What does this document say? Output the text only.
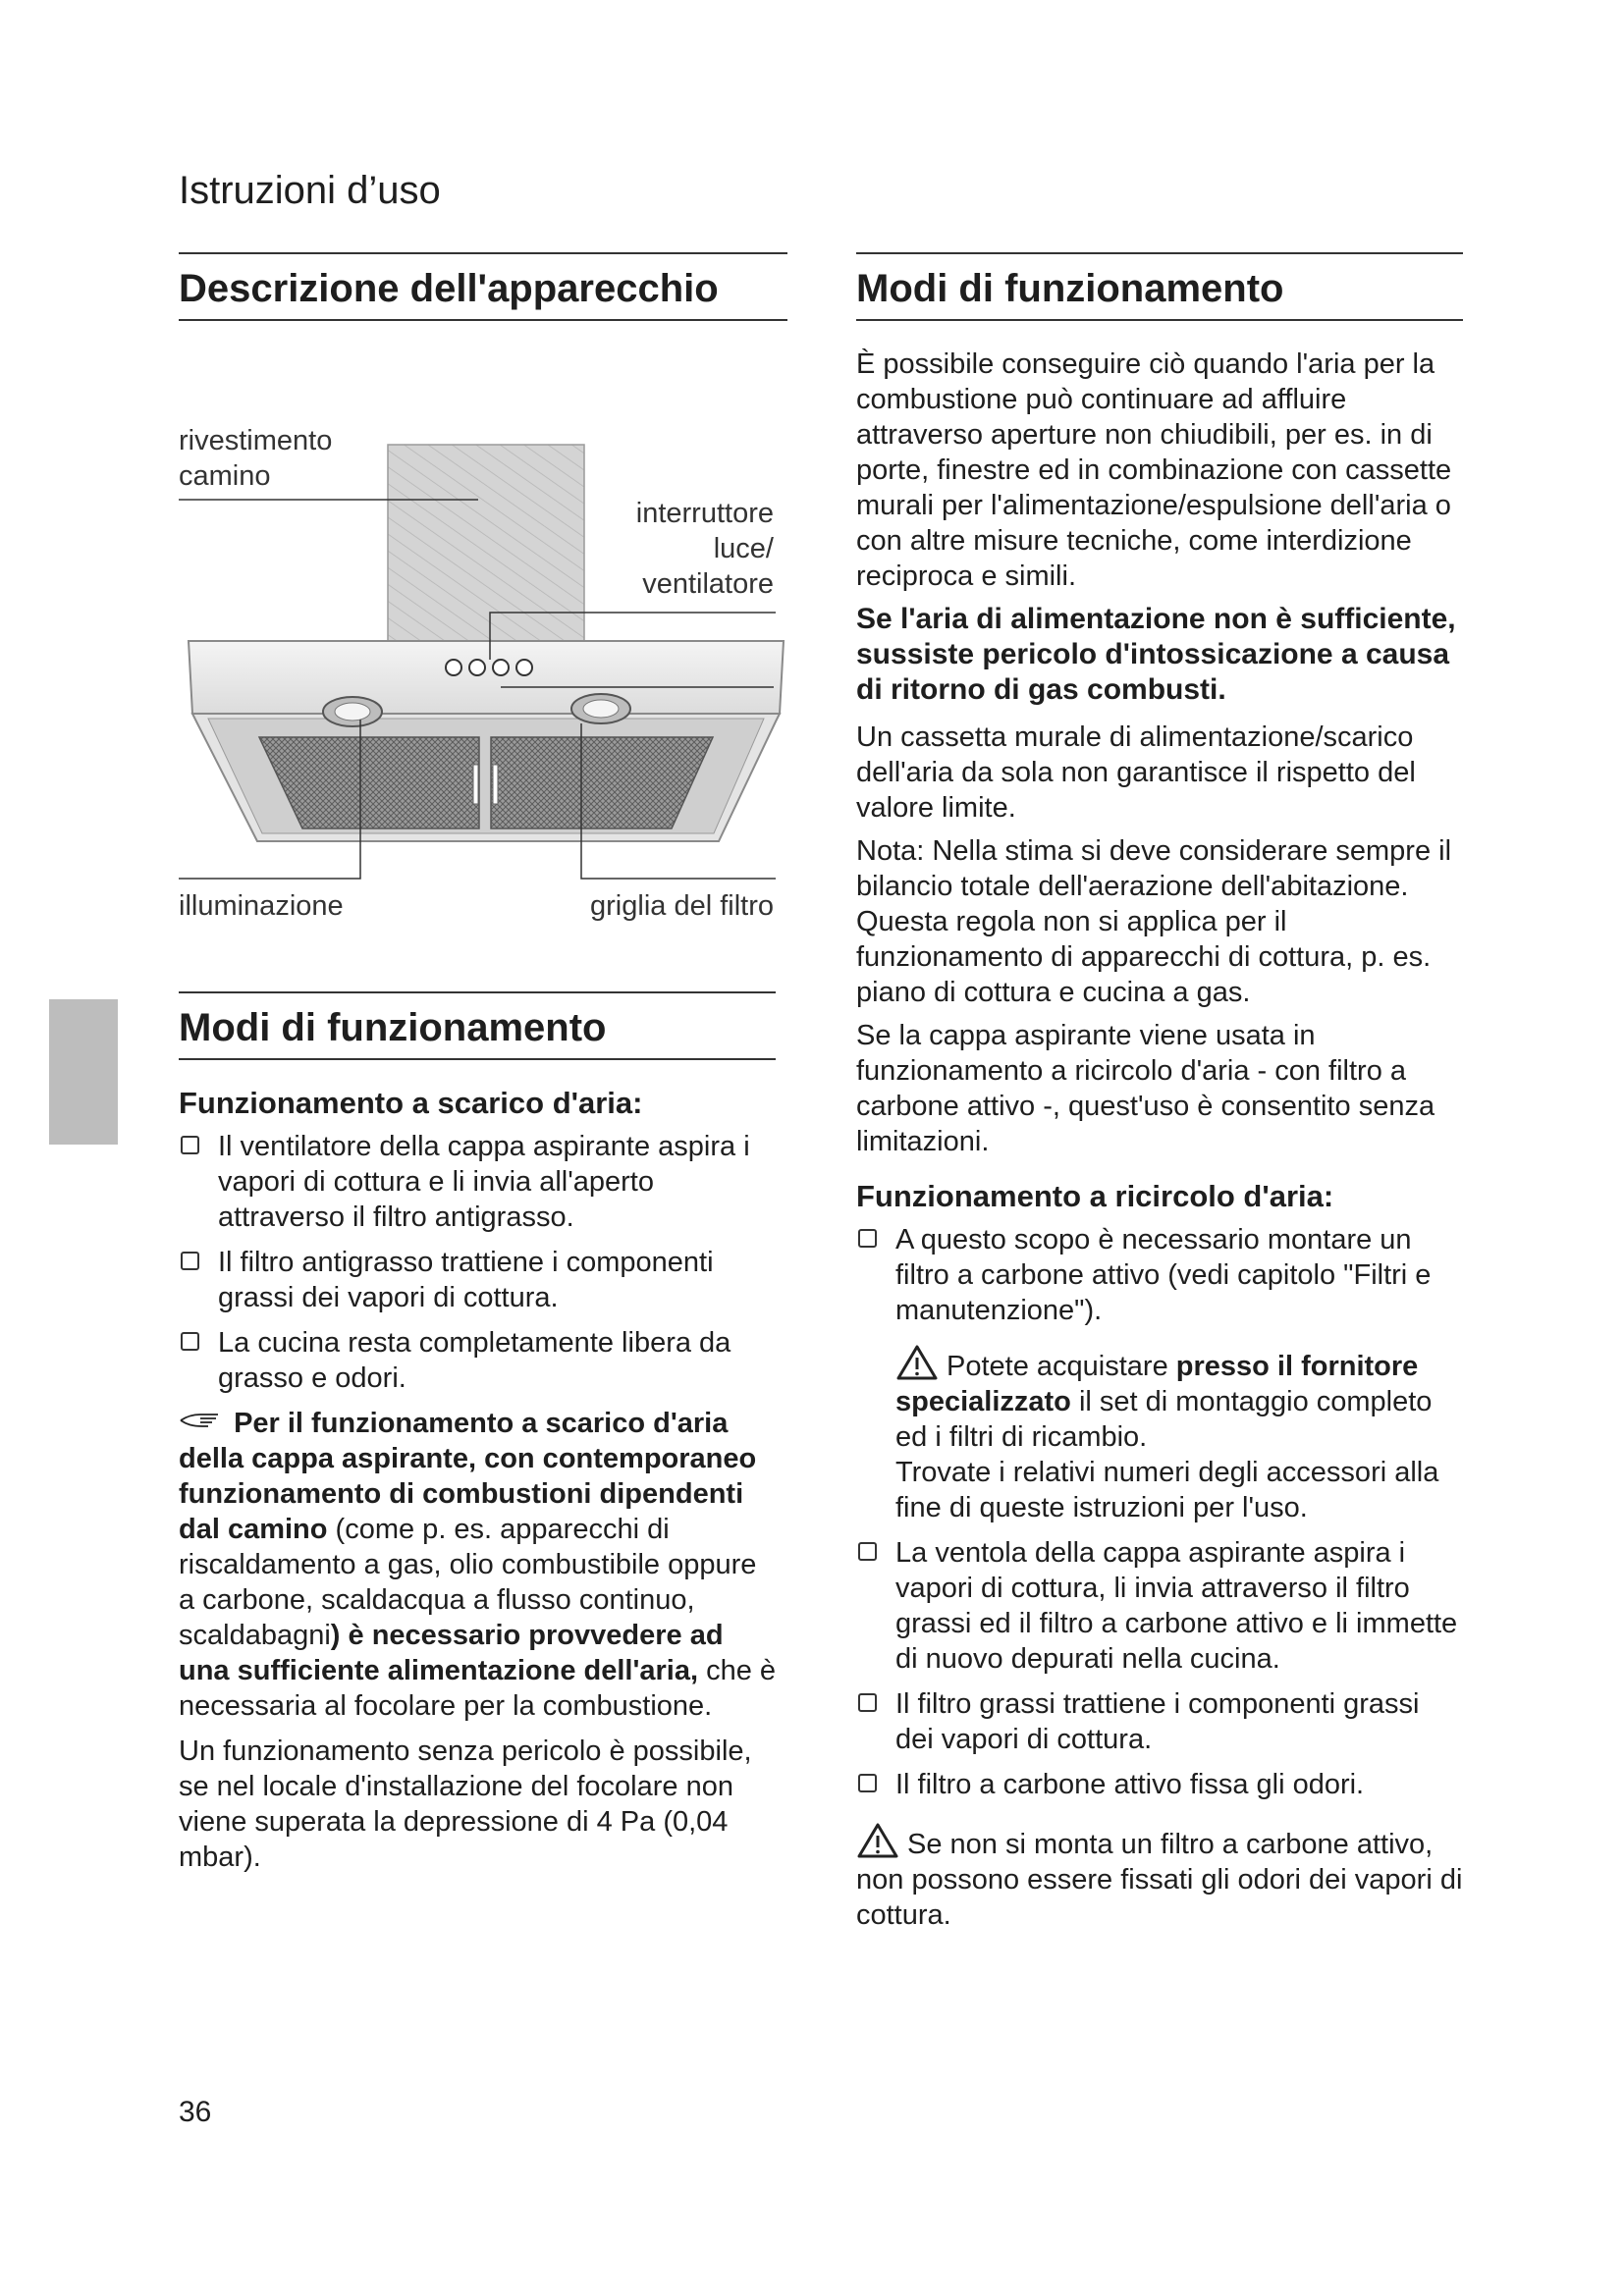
Istruzioni d’uso
Descrizione dell'apparecchio
rivestimento
camino
interruttore
luce/
ventilatore
illuminazione	griglia del filtro
Modi di funzionamento
Funzionamento a scarico d'aria:
Il ventilatore della cappa aspirante aspira i vapori di cottura e li invia all'aperto attraverso il filtro antigrasso.
Il filtro antigrasso trattiene i componenti grassi dei vapori di cottura.
La cucina resta completamente libera da grasso e odori.

Per il funzionamento a scarico d'aria della cappa aspirante, con contemporaneo funzionamento di combustioni dipendenti dal camino (come p. es. apparecchi di riscaldamento a gas, olio combustibile oppure a carbone, scaldacqua a flusso continuo, scaldabagni) è necessario provvedere ad una sufficiente alimentazione dell'aria, che è necessaria al focolare per la combustione.

Un funzionamento senza pericolo è possibile, se nel locale d'installazione del focolare non viene superata la depressione di 4 Pa (0,04 mbar).

Modi di funzionamento

È possibile conseguire ciò quando l'aria per la combustione può continuare ad affluire attraverso aperture non chiudibili, per es. in di porte, finestre ed in combinazione con cassette murali per l'alimentazione/espulsione dell'aria o con altre misure tecniche, come interdizione reciproca e simili.

Se l'aria di alimentazione non è sufficiente, sussiste pericolo d'intossicazione a causa di ritorno di gas combusti.

Un cassetta murale di alimentazione/scarico dell'aria da sola non garantisce il rispetto del valore limite.

Nota: Nella stima si deve considerare sempre il bilancio totale dell'aerazione dell'abitazione. Questa regola non si applica per il funzionamento di apparecchi di cottura, p. es. piano di cottura e cucina a gas.

Se la cappa aspirante viene usata in funzionamento a ricircolo d'aria - con filtro a carbone attivo -, quest'uso è consentito senza limitazioni.

Funzionamento a ricircolo d'aria:
A questo scopo è necessario montare un filtro a carbone attivo (vedi capitolo "Filtri e manutenzione").
Potete acquistare presso il fornitore specializzato il set di montaggio completo ed i filtri di ricambio.
Trovate i relativi numeri degli accessori alla fine di queste istruzioni per l'uso.
La ventola della cappa aspirante aspira i vapori di cottura, li invia attraverso il filtro grassi ed il filtro a carbone attivo e li immette di nuovo depurati nella cucina.
Il filtro grassi trattiene i componenti grassi dei vapori di cottura.
Il filtro a carbone attivo fissa gli odori.

Se non si monta un filtro a carbone attivo, non possono essere fissati gli odori dei vapori di cottura.

36
